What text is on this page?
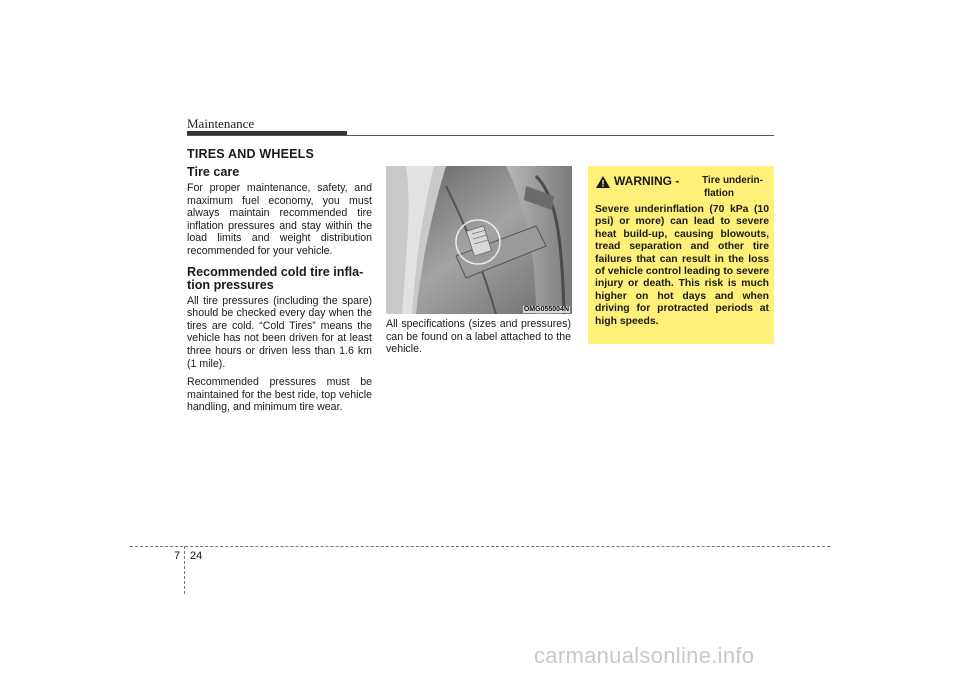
Maintenance
TIRES AND WHEELS
Tire care

For proper maintenance, safety, and maximum fuel economy, you must always maintain recommended tire inflation pressures and stay within the load limits and weight distribution recommended for your vehicle.

Recommended cold tire infla-
tion pressures

All tire pressures (including the spare) should be checked every day when the tires are cold. “Cold Tires” means the vehicle has not been driven for at least three hours or driven less than 1.6 km (1 mile).

Recommended pressures must be maintained for the best ride, top vehicle handling, and minimum tire wear.

OMG055004N
All specifications (sizes and pressures) can be found on a label attached to the vehicle.
WARNING - Tire underin-
flation
Severe underinflation (70 kPa (10 psi) or more) can lead to severe heat build-up, causing blowouts, tread separation and other tire failures that can result in the loss of vehicle control leading to severe injury or death. This risk is much higher on hot days and when driving for protracted periods at high speeds.
7 24
carmanualsonline.info
